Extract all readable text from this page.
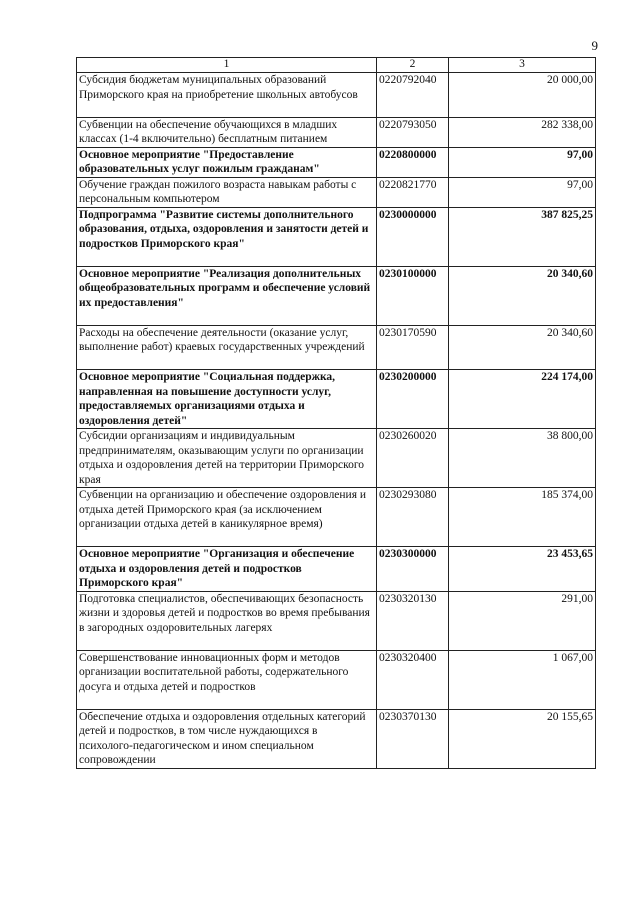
9
1	2	3
Субсидия бюджетам муниципальных образований Приморского края на приобретение школьных автобусов	0220792040	20 000,00
Субвенции на обеспечение обучающихся в младших классах (1-4 включительно) бесплатным питанием	0220793050	282 338,00
Основное мероприятие "Предоставление образовательных услуг пожилым гражданам"	0220800000	97,00
Обучение граждан пожилого возраста навыкам работы с персональным компьютером	0220821770	97,00
Подпрограмма "Развитие системы дополнительного образования, отдыха, оздоровления и занятости детей и подростков Приморского края"	0230000000	387 825,25
Основное мероприятие "Реализация дополнительных общеобразовательных программ и обеспечение условий их предоставления"	0230100000	20 340,60
Расходы на обеспечение деятельности (оказание услуг, выполнение работ) краевых государственных учреждений	0230170590	20 340,60
Основное мероприятие "Социальная поддержка, направленная на повышение доступности услуг, предоставляемых организациями отдыха и оздоровления детей"	0230200000	224 174,00
Субсидии организациям и индивидуальным предпринимателям, оказывающим услуги по организации отдыха и оздоровления детей на территории Приморского края	0230260020	38 800,00
Субвенции на организацию и обеспечение оздоровления и отдыха детей Приморского края (за исключением организации отдыха детей в каникулярное время)	0230293080	185 374,00
Основное мероприятие "Организация и обеспечение отдыха и оздоровления детей и подростков Приморского края"	0230300000	23 453,65
Подготовка специалистов, обеспечивающих безопасность жизни и здоровья детей и подростков во время пребывания в загородных оздоровительных лагерях	0230320130	291,00
Совершенствование инновационных форм и методов организации воспитательной работы, содержательного досуга и отдыха детей и подростков	0230320400	1 067,00
Обеспечение отдыха и оздоровления отдельных категорий детей и подростков, в том числе нуждающихся в психолого-педагогическом и ином специальном сопровождении	0230370130	20 155,65
